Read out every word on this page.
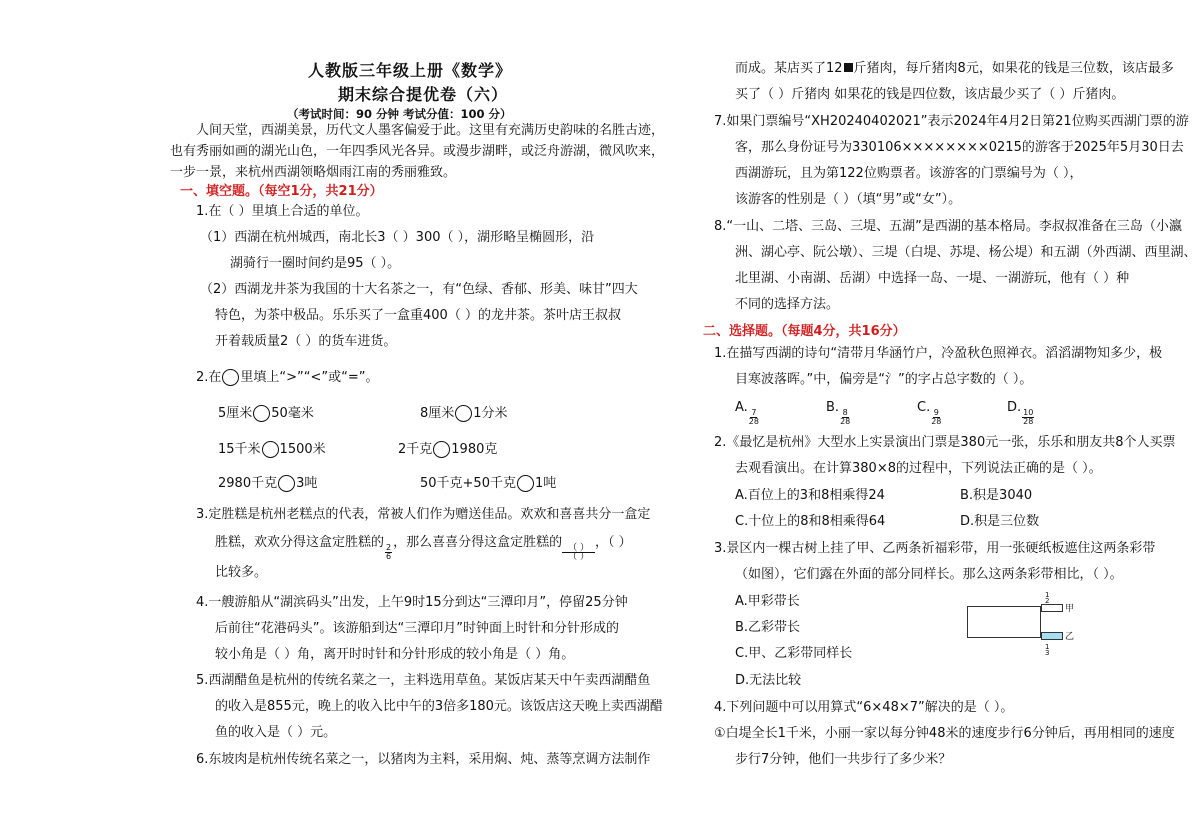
人教版三年级上册《数学》
期末综合提优卷（六）
（考试时间：90 分钟 考试分值：100 分）
人间天堂，西湖美景，历代文人墨客偏爱于此。这里有充满历史韵味的名胜古迹，也有秀丽如画的湖光山色，一年四季风光各异。或漫步湖畔，或泛舟游湖，微风吹来，一步一景，来杭州西湖领略烟雨江南的秀丽雅致。
一、填空题。（每空1分，共21分）
1.在（ ）里填上合适的单位。
（1）西湖在杭州城西，南北长3（ ）300（ ），湖形略呈椭圆形，沿
湖骑行一圈时间约是95（ ）。
（2）西湖龙井茶为我国的十大名茶之一，有“色绿、香郁、形美、味甘”四大
特色，为茶中极品。乐乐买了一盒重400（ ）的龙井茶。茶叶店王叔叔
开着载质量2（ ）的货车进货。
2.在 里填上“>”“<”或“=”。
5厘米 50毫米	8厘米 1分米
15千米 1500米	2千克 1980克
2980千克 3吨	50千克+50千克 1吨
3.定胜糕是杭州老糕点的代表，常被人们作为赠送佳品。欢欢和喜喜共分一盒定
胜糕，欢欢分得这盒定胜糕的
$\frac{2}{6}$
，那么喜喜分得这盒定胜糕的 （ ）
（ ）
，（ ）
比较多。
4.一艘游船从“湖滨码头”出发，上午9时15分到达“三潭印月”，停留25分钟
后前往“花港码头”。该游船到达“三潭印月”时钟面上时针和分针形成的
较小角是（ ）角，离开时时针和分针形成的较小角是（ ）角。
5.西湖醋鱼是杭州的传统名菜之一，主料选用草鱼。某饭店某天中午卖西湖醋鱼
的收入是855元，晚上的收入比中午的3倍多180元。该饭店这天晚上卖西湖醋
鱼的收入是（ ）元。
6.东坡肉是杭州传统名菜之一，以猪肉为主料，采用焖、炖、蒸等烹调方法制作
而成。某店买了12 斤猪肉，每斤猪肉8元，如果花的钱是三位数，该店最多
买了（ ）斤猪肉 如果花的钱是四位数，该店最少买了（ ）斤猪肉。
7.如果门票编号“XH20240402021”表示2024年4月2日第21位购买西湖门票的游
客，那么身份证号为330106××××××××0215的游客于2025年5月30日去
西湖游玩，且为第122位购票者。该游客的门票编号为（ ），
该游客的性别是（ ）（填“男”或“女”）。
8.“一山、二塔、三岛、三堤、五湖”是西湖的基本格局。李叔叔准备在三岛（小瀛
洲、湖心亭、阮公墩）、三堤（白堤、苏堤、杨公堤）和五湖（外西湖、西里湖、
北里湖、小南湖、岳湖）中选择一岛、一堤、一湖游玩，他有（ ）种
不同的选择方法。
二、选择题。（每题4分，共16分）
1.在描写西湖的诗句“清带月华涵竹户，冷盈秋色照禅衣。滔滔湖物知多少，极
目寒波落晖。”中，偏旁是“氵”的字占总字数的（ ）。
A.
$\frac{7}{28}$
B.
$\frac{8}{28}$
C.
$\frac{9}{28}$
D.
$\frac{10}{28}$
2.《最忆是杭州》大型水上实景演出门票是380元一张，乐乐和朋友共8个人买票
去观看演出。在计算380×8的过程中，下列说法正确的是（ ）。
A.百位上的3和8相乘得24	B.积是3040
C.十位上的8和8相乘得64	D.积是三位数
3.景区内一棵古树上挂了甲、乙两条祈福彩带，用一张硬纸板遮住这两条彩带
（如图），它们露在外面的部分同样长。那么这两条彩带相比，（ ）。
A.甲彩带长
B.乙彩带长
C.甲、乙彩带同样长
D.无法比较
甲
乙
1
2
1
3
4.下列问题中可以用算式“6×48×7”解决的是（ ）。
①白堤全长1千米，小丽一家以每分钟48米的速度步行6分钟后，再用相同的速度
步行7分钟，他们一共步行了多少米？
